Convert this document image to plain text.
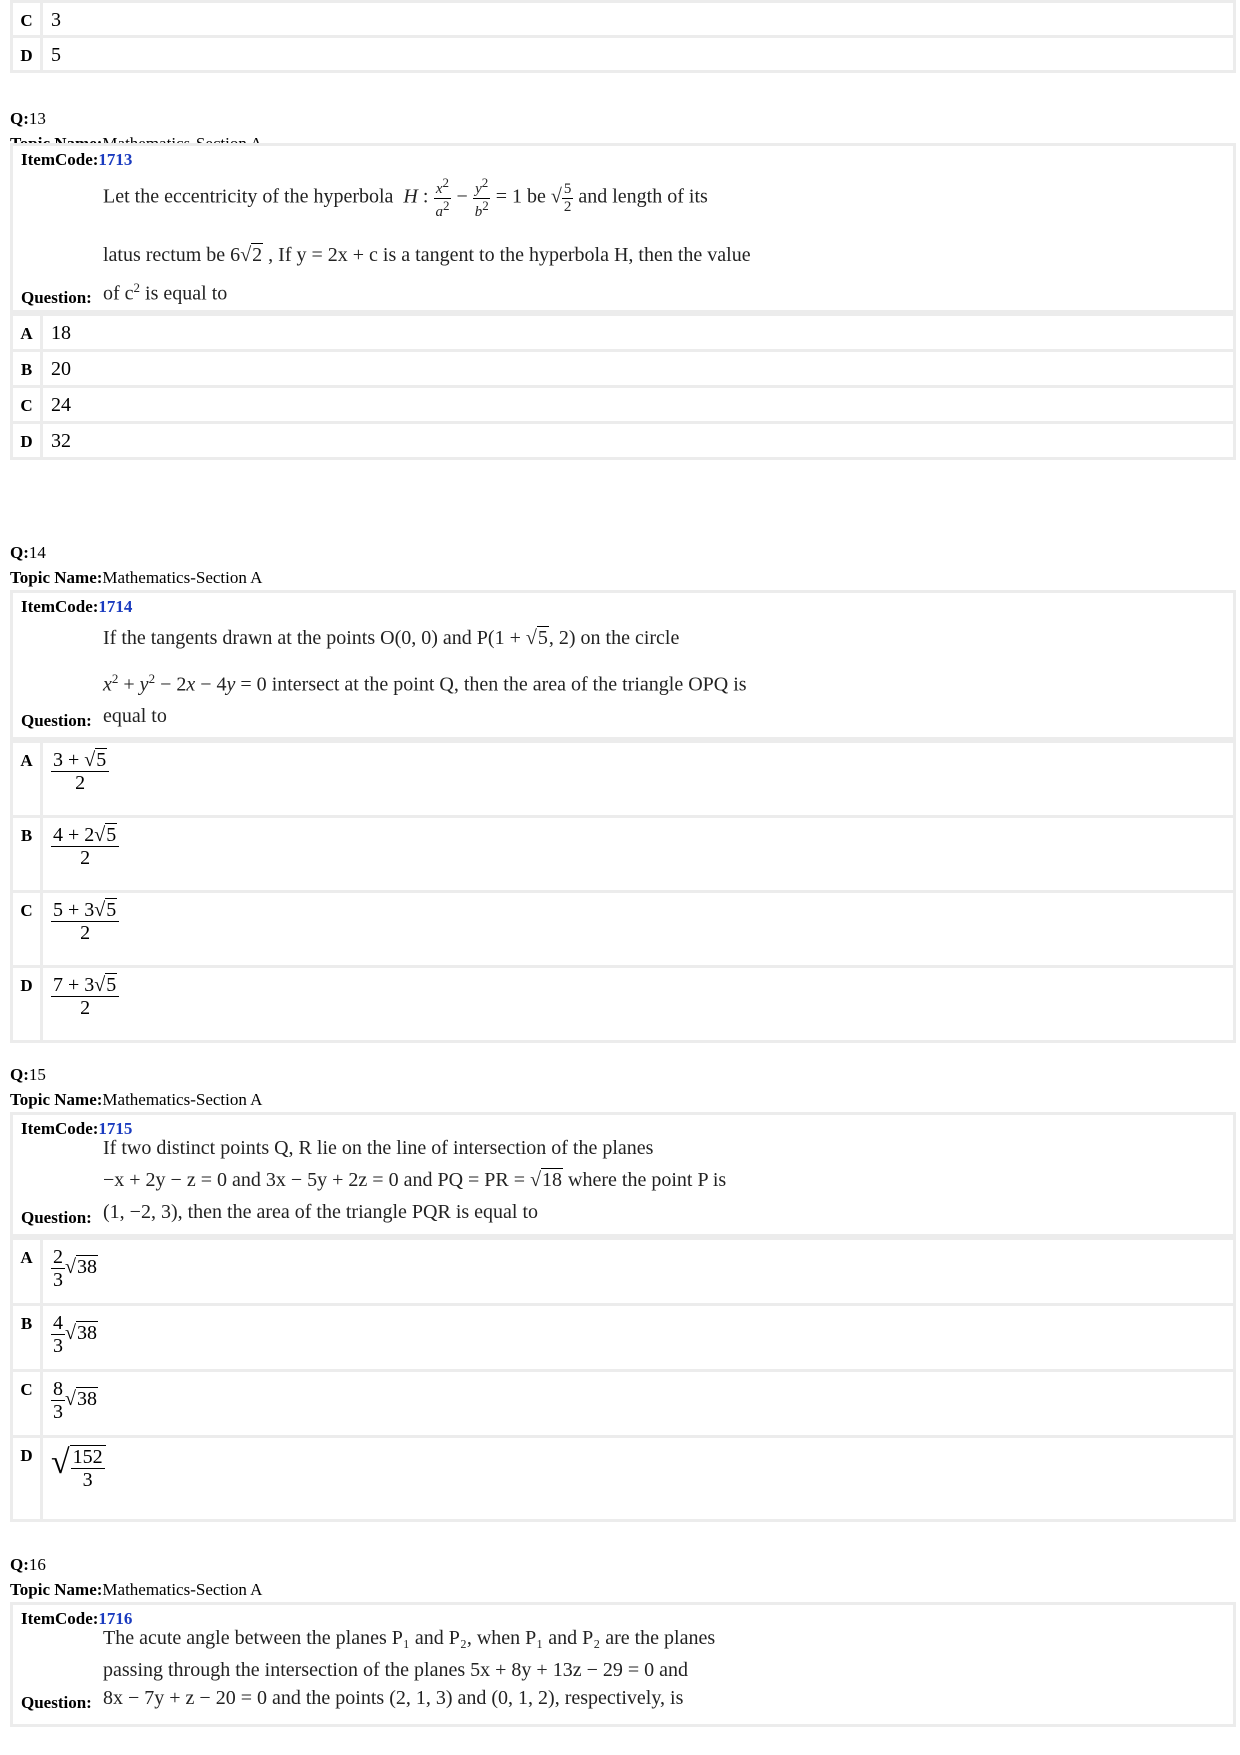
C 3
D 5
Q:13
ItemCode:1713
Let the eccentricity of the hyperbola  H : $\frac{x^2}{a^2} - \frac{y^2}{b^2} = 1$ be √ $\frac{5}{2}$ and length of its
latus rectum be 6√2 , If y = 2x + c is a tangent to the hyperbola H, then the value
Question: of $c^2$ is equal to
A 18
B 20
C 24
D 32
Q:14
Topic Name:Mathematics-Section A
ItemCode:1714
If the tangents drawn at the points O(0, 0) and P(1 + √5, 2) on the circle
$x^2 + y^2 - 2x - 4y = 0$ intersect at the point Q, then the area of the triangle OPQ is
Question: equal to
A $\frac{3 + √5}{2}$
B $\frac{4 + 2√5}{2}$
C $\frac{5 + 3√5}{2}$
D $\frac{7 + 3√5}{2}$
Q:15
Topic Name:Mathematics-Section A
ItemCode:1715
If two distinct points Q, R lie on the line of intersection of the planes
−x + 2y − z = 0 and 3x − 5y + 2z = 0 and PQ = PR = √18 where the point P is
Question: (1, −2, 3), then the area of the triangle PQR is equal to
A $\frac{2}{3} √38$
B $\frac{4}{3} √38$
C $\frac{8}{3} √38$
D √ $\frac{152}{3}$
Q:16
Topic Name:Mathematics-Section A
ItemCode:1716
The acute angle between the planes P₁ and P₂, when P₁ and P₂ are the planes
passing through the intersection of the planes 5x + 8y + 13z − 29 = 0 and
Question: 8x − 7y + z − 20 = 0 and the points (2, 1, 3) and (0, 1, 2), respectively, is
